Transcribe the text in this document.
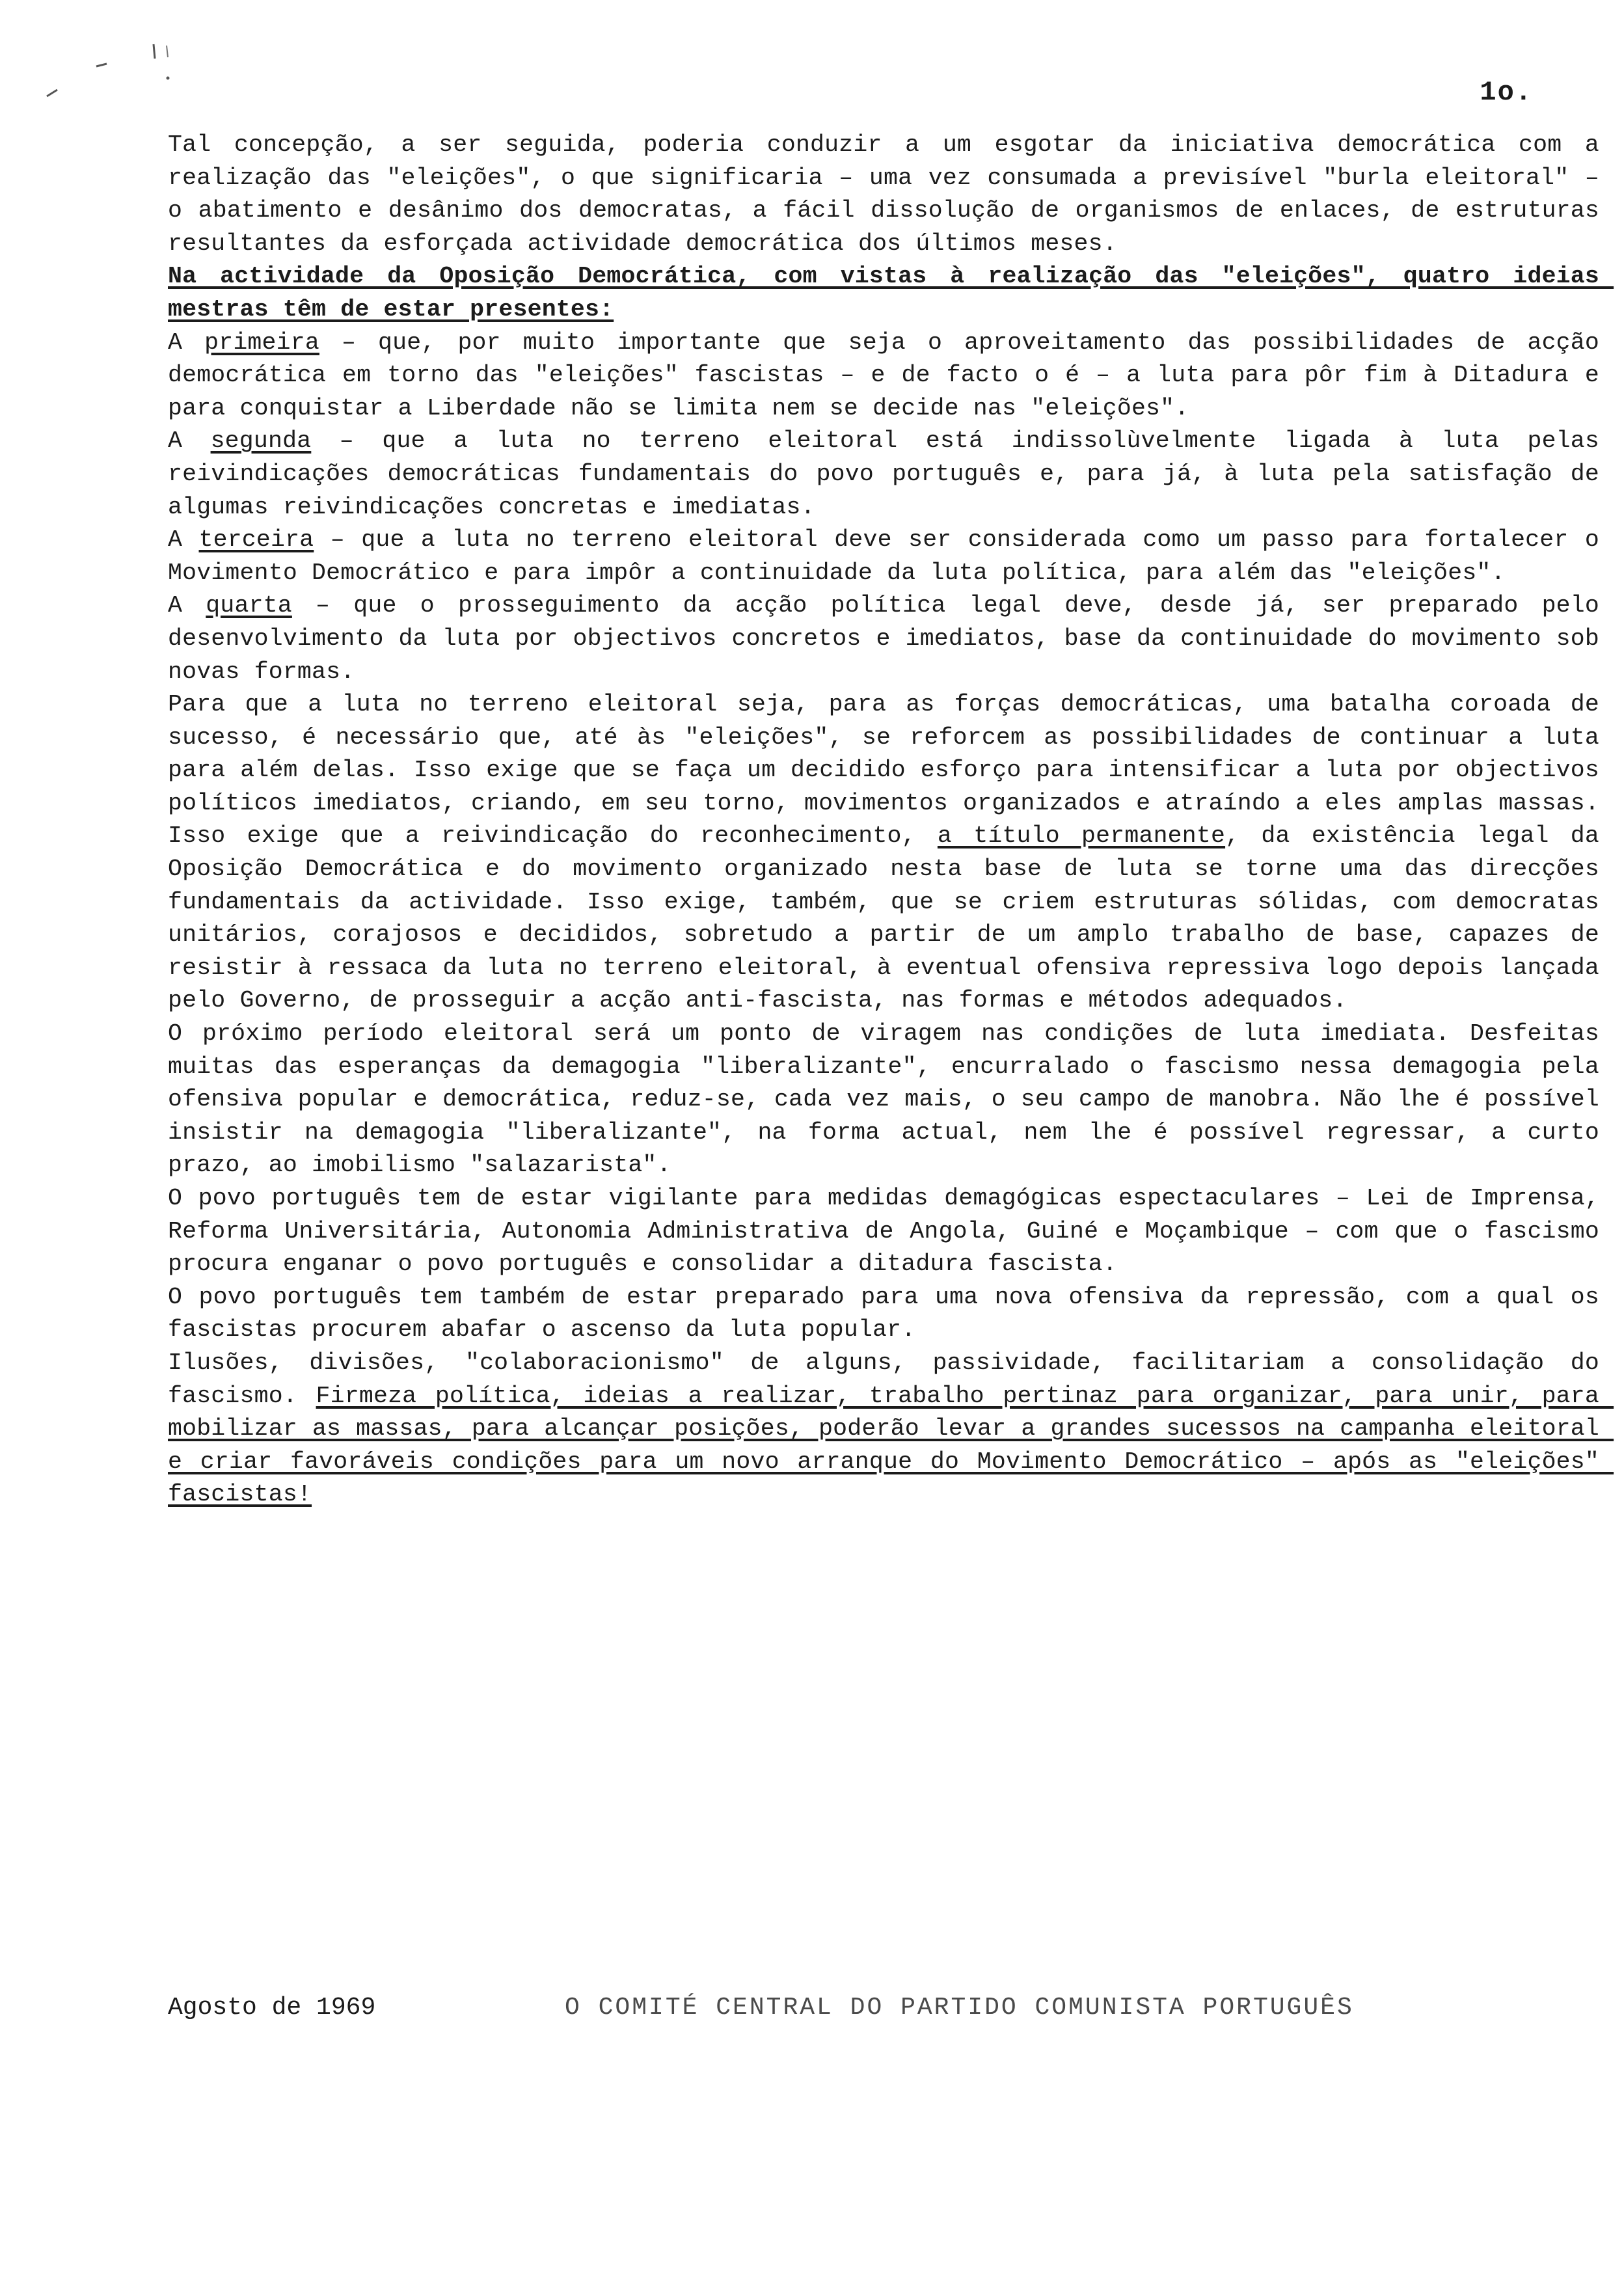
1o.

Tal concepção, a ser seguida, poderia conduzir a um esgotar da iniciativa democrática com a realização das "eleições", o que significaria – uma vez consumada a previsível "burla eleitoral" – o abatimento e desânimo dos democratas, a fácil dissolução de organismos de enlaces, de estruturas resultantes da esforçada actividade democrática dos últimos meses.

Na actividade da Oposição Democrática, com vistas à realização das "eleições", quatro ideias mestras têm de estar presentes:

A primeira – que, por muito importante que seja o aproveitamento das possibilidades de acção democrática em torno das "eleições" fascistas – e de facto o é – a luta para pôr fim à Ditadura e para conquistar a Liberdade não se limita nem se decide nas "eleições".

A segunda – que a luta no terreno eleitoral está indissolùvelmente ligada à luta pelas reivindicações democráticas fundamentais do povo português e, para já, à luta pela satisfação de algumas reivindicações concretas e imediatas.

A terceira – que a luta no terreno eleitoral deve ser considerada como um passo para fortalecer o Movimento Democrático e para impôr a continuidade da luta política, para além das "eleições".

A quarta – que o prosseguimento da acção política legal deve, desde já, ser preparado pelo desenvolvimento da luta por objectivos concretos e imediatos, base da continuidade do movimento sob novas formas.

Para que a luta no terreno eleitoral seja, para as forças democráticas, uma batalha coroada de sucesso, é necessário que, até às "eleições", se reforcem as possibilidades de continuar a luta para além delas. Isso exige que se faça um decidido esforço para intensificar a luta por objectivos políticos imediatos, criando, em seu torno, movimentos organizados e atraíndo a eles amplas massas. Isso exige que a reivindicação do reconhecimento, a título permanente, da existência legal da Oposição Democrática e do movimento organizado nesta base de luta se torne uma das direcções fundamentais da actividade. Isso exige, também, que se criem estruturas sólidas, com democratas unitários, corajosos e decididos, sobretudo a partir de um amplo trabalho de base, capazes de resistir à ressaca da luta no terreno eleitoral, à eventual ofensiva repressiva logo depois lançada pelo Governo, de prosseguir a acção anti-fascista, nas formas e métodos adequados.

O próximo período eleitoral será um ponto de viragem nas condições de luta imediata. Desfeitas muitas das esperanças da demagogia "liberalizante", encurralado o fascismo nessa demagogia pela ofensiva popular e democrática, reduz-se, cada vez mais, o seu campo de manobra. Não lhe é possível insistir na demagogia "liberalizante", na forma actual, nem lhe é possível regressar, a curto prazo, ao imobilismo "salazarista".

O povo português tem de estar vigilante para medidas demagógicas espectaculares – Lei de Imprensa, Reforma Universitária, Autonomia Administrativa de Angola, Guiné e Moçambique – com que o fascismo procura enganar o povo português e consolidar a ditadura fascista.

O povo português tem também de estar preparado para uma nova ofensiva da repressão, com a qual os fascistas procurem abafar o ascenso da luta popular.

Ilusões, divisões, "colaboracionismo" de alguns, passividade, facilitariam a consolidação do fascismo. Firmeza política, ideias a realizar, trabalho pertinaz para organizar, para unir, para mobilizar as massas, para alcançar posições, poderão levar a grandes sucessos na campanha eleitoral e criar favoráveis condições para um novo arranque do Movimento Democrático – após as "eleições" fascistas!

Agosto de 1969	O COMITÉ CENTRAL DO PARTIDO COMUNISTA PORTUGUÊS
